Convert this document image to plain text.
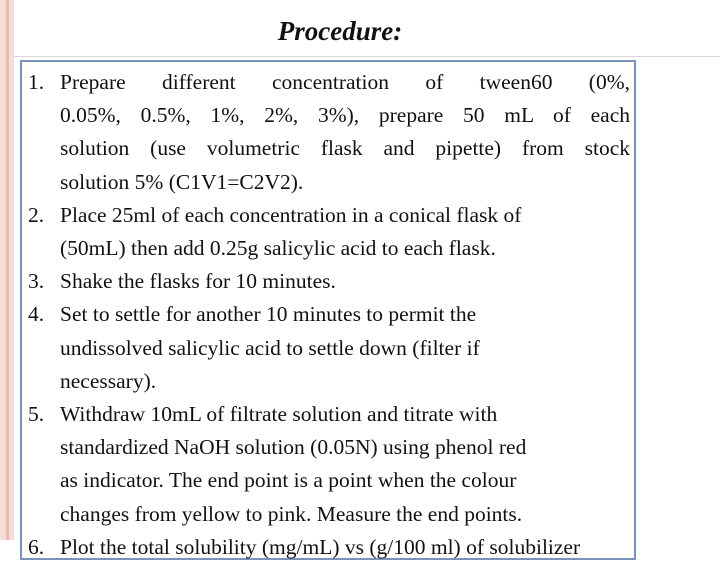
Procedure:
1. Prepare different concentration of tween60 (0%,
0.05%, 0.5%, 1%, 2%, 3%), prepare 50 mL of each
solution (use volumetric flask and pipette) from stock
solution 5% (C1V1=C2V2).
2. Place 25ml of each concentration in a conical flask of
(50mL) then add 0.25g salicylic acid to each flask.
3. Shake the flasks for 10 minutes.
4. Set to settle for another 10 minutes to permit the
undissolved salicylic acid to settle down (filter if
necessary).
5. Withdraw 10mL of filtrate solution and titrate with
standardized NaOH solution (0.05N) using phenol red
as indicator. The end point is a point when the colour
changes from yellow to pink. Measure the end points.
6. Plot the total solubility (mg/mL) vs (g/100 ml) of solubilizer
